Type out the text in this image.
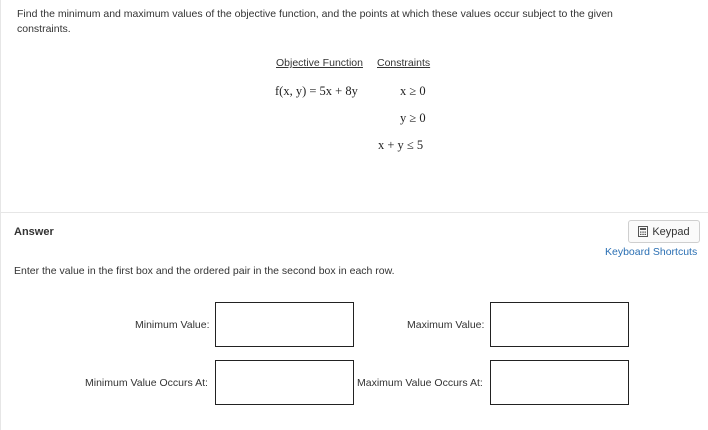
Find the minimum and maximum values of the objective function, and the points at which these values occur subject to the given constraints.
Objective Function Constraints
f(x, y) = 5x + 8y	x ≥ 0
y ≥ 0
x + y ≤ 5
Answer	Keypad
Keyboard Shortcuts
Enter the value in the first box and the ordered pair in the second box in each row.
Minimum Value:	Maximum Value:
Minimum Value Occurs At:	Maximum Value Occurs At:
